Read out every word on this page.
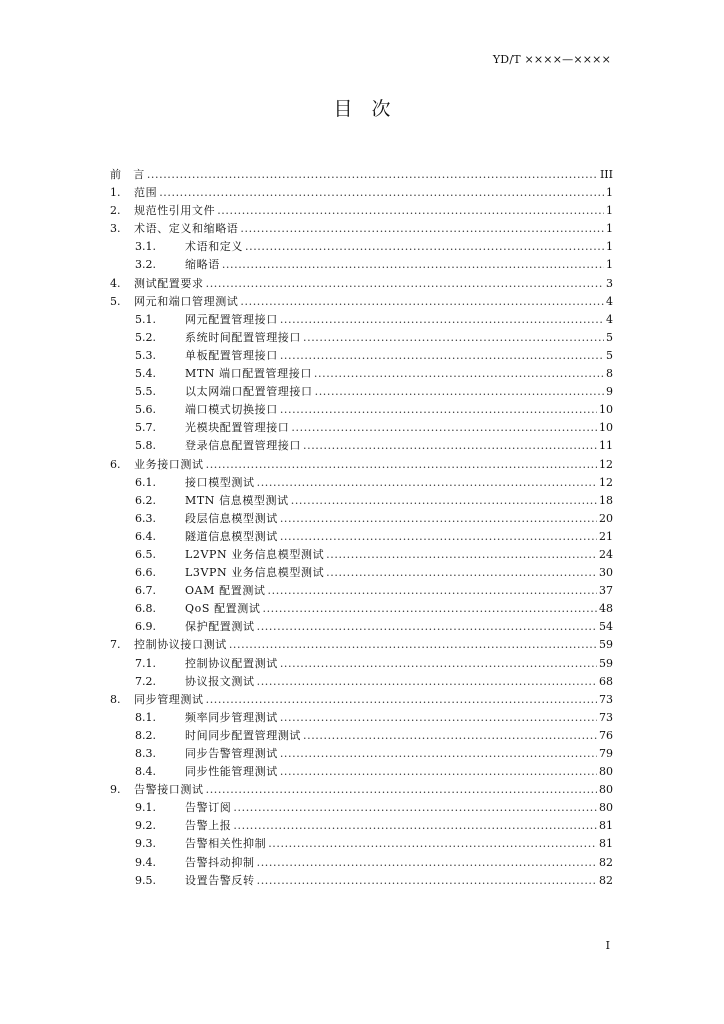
YD/T ××××—××××
目　次
前　言 .....	III
1.	范围 .....	1
2.	规范性引用文件 .....	1
3.	术语、定义和缩略语 .....	1
3.1.	术语和定义 .....	1
3.2.	缩略语 .....	1
4.	测试配置要求 .....	3
5.	网元和端口管理测试 .....	4
5.1.	网元配置管理接口 .....	4
5.2.	系统时间配置管理接口 .....	5
5.3.	单板配置管理接口 .....	5
5.4.	MTN 端口配置管理接口 .....	8
5.5.	以太网端口配置管理接口 .....	9
5.6.	端口模式切换接口 .....	10
5.7.	光模块配置管理接口 .....	10
5.8.	登录信息配置管理接口 .....	11
6.	业务接口测试 .....	12
6.1.	接口模型测试 .....	12
6.2.	MTN 信息模型测试 .....	18
6.3.	段层信息模型测试 .....	20
6.4.	隧道信息模型测试 .....	21
6.5.	L2VPN 业务信息模型测试 .....	24
6.6.	L3VPN 业务信息模型测试 .....	30
6.7.	OAM 配置测试 .....	37
6.8.	QoS 配置测试 .....	48
6.9.	保护配置测试 .....	54
7.	控制协议接口测试 .....	59
7.1.	控制协议配置测试 .....	59
7.2.	协议报文测试 .....	68
8.	同步管理测试 .....	73
8.1.	频率同步管理测试 .....	73
8.2.	时间同步配置管理测试 .....	76
8.3.	同步告警管理测试 .....	79
8.4.	同步性能管理测试 .....	80
9.	告警接口测试 .....	80
9.1.	告警订阅 .....	80
9.2.	告警上报 .....	81
9.3.	告警相关性抑制 .....	81
9.4.	告警抖动抑制 .....	82
9.5.	设置告警反转 .....	82
I
